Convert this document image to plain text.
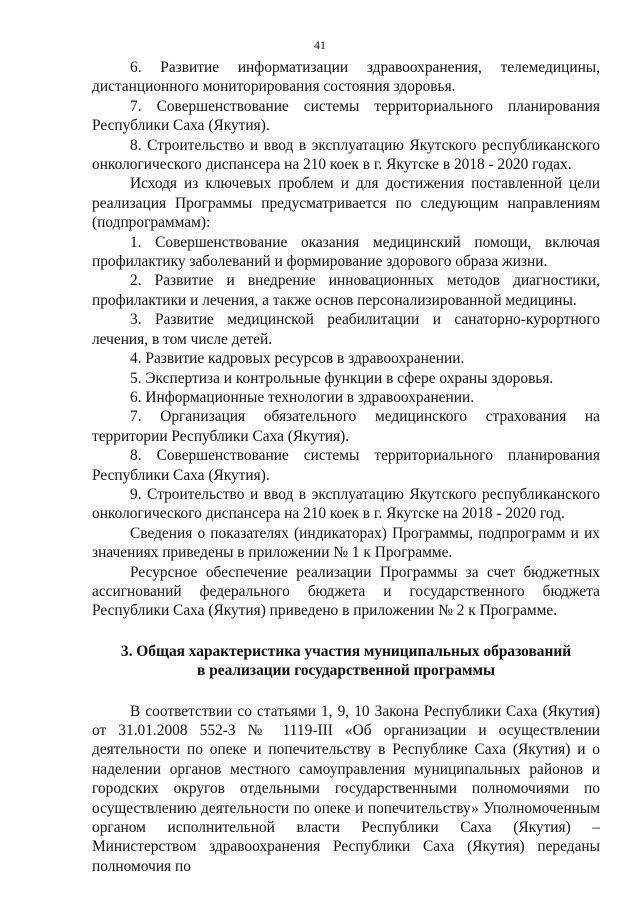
41

6. Развитие информатизации здравоохранения, телемедицины, дистанционного мониторирования состояния здоровья.

7. Совершенствование системы территориального планирования Республики Саха (Якутия).

8. Строительство и ввод в эксплуатацию Якутского республиканского онкологического диспансера на 210 коек в г. Якутске в 2018 - 2020 годах.

Исходя из ключевых проблем и для достижения поставленной цели реализация Программы предусматривается по следующим направлениям (подпрограммам):

1. Совершенствование оказания медицинский помощи, включая профилактику заболеваний и формирование здорового образа жизни.

2. Развитие и внедрение инновационных методов диагностики, профилактики и лечения, а также основ персонализированной медицины.

3. Развитие медицинской реабилитации и санаторно-курортного лечения, в том числе детей.

4. Развитие кадровых ресурсов в здравоохранении.

5. Экспертиза и контрольные функции в сфере охраны здоровья.

6. Информационные технологии в здравоохранении.

7. Организация обязательного медицинского страхования на территории Республики Саха (Якутия).

8. Совершенствование системы территориального планирования Республики Саха (Якутия).

9. Строительство и ввод в эксплуатацию Якутского республиканского онкологического диспансера на 210 коек в г. Якутске на 2018 - 2020 год.

Сведения о показателях (индикаторах) Программы, подпрограмм и их значениях приведены в приложении № 1 к Программе.

Ресурсное обеспечение реализации Программы за счет бюджетных ассигнований федерального бюджета и государственного бюджета Республики Саха (Якутия) приведено в приложении № 2 к Программе.

3. Общая характеристика участия муниципальных образований
в реализации государственной программы

В соответствии со статьями 1, 9, 10 Закона Республики Саха (Якутия) от 31.01.2008 552-З № 1119-III «Об организации и осуществлении деятельности по опеке и попечительству в Республике Саха (Якутия) и о наделении органов местного самоуправления муниципальных районов и городских округов отдельными государственными полномочиями по осуществлению деятельности по опеке и попечительству» Уполномоченным органом исполнительной власти Республики Саха (Якутия) – Министерством здравоохранения Республики Саха (Якутия) переданы полномочия по
